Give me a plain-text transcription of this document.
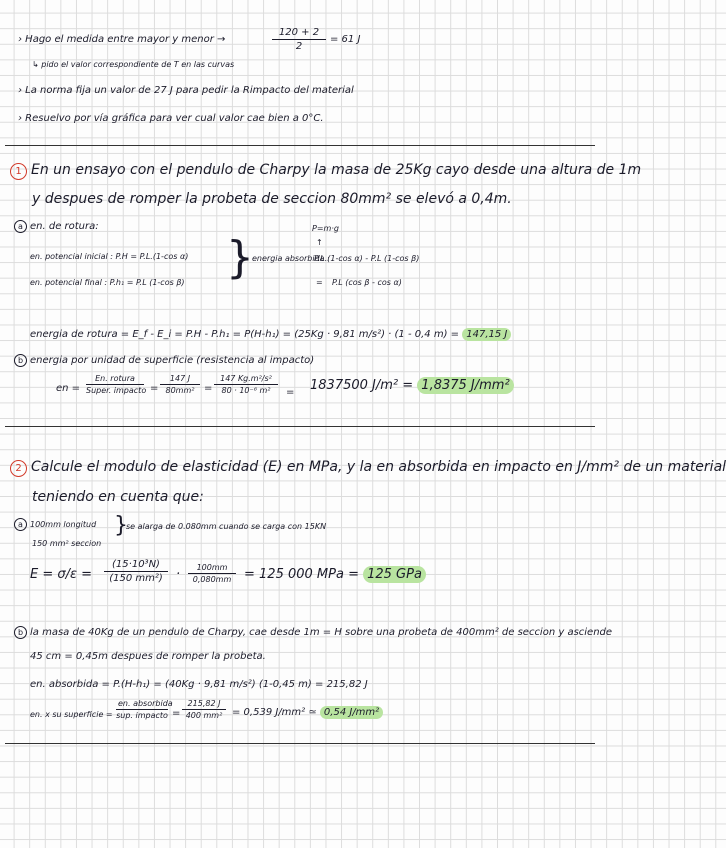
› Hago el medida entre mayor y menor →	$\frac{120 + 2}{2} = 61$ J
↳ pido el valor correspondiente de T en las curvas
› La norma fija un valor de 27 J para pedir la Rimpacto del material
› Resuelvo por vía gráfica para ver cual valor cae bien a 0°C.
1 En un ensayo con el pendulo de Charpy la masa de 25Kg cayo desde una altura de 1m
y despues de romper la probeta de seccion 80mm² se elevó a 0,4m.
a en. de rotura:
en. potencial inicial : P.H = P.L.(1-cos α)
en. potencial final : P.h₁ = P.L (1-cos β) }
energia absorbida :
P=m·g
↑
P.L.(1-cos α) - P.L (1-cos β)
= P.L (cos β - cos α)
energia de rotura = E_f - E_i = P.H - P.h₁ = P(H-h₁) = (25Kg · 9,81 m/s²) · (1 - 0,4 m) = 147,15 J
b energia por unidad de superficie (resistencia al impacto)
en =
En. rotura
Super. impacto = $\frac{147 J}{\text{80mm²}} = \frac{\text{147 Kg.m²/s²}}{\text{80 · 10⁻⁶ m²}} = 1837500$ J/m² = 1,8375 J/mm²
2 Calcule el modulo de elasticidad (E) en MPa, y la en absorbida en impacto en J/mm² de un material
teniendo en cuenta que:
a 100mm longitud
150 mm² seccion
}
se alarga de 0.080mm cuando se carga con 15KN
$E = \sigma/\varepsilon = \frac{\text{(15·10³N)}}{\text{(150 mm²)}} \cdot \frac{100mm}{0,080mm} = 125$ 000 MPa = 125 GPa
b la masa de 40Kg de un pendulo de Charpy, cae desde 1m = H sobre una probeta de 400mm² de seccion y asciende
45 cm = 0,45m despues de romper la probeta.
en. absorbida = P.(H-h₁) = (40Kg · 9,81 m/s²) (1-0,45 m) = 215,82 J
en. x su superficie =
en. absorbida
sup. impacto = $\frac{215,82 J}{\text{400 mm²}} = 0,539$ J/mm² ≃ 0,54 J/mm²
